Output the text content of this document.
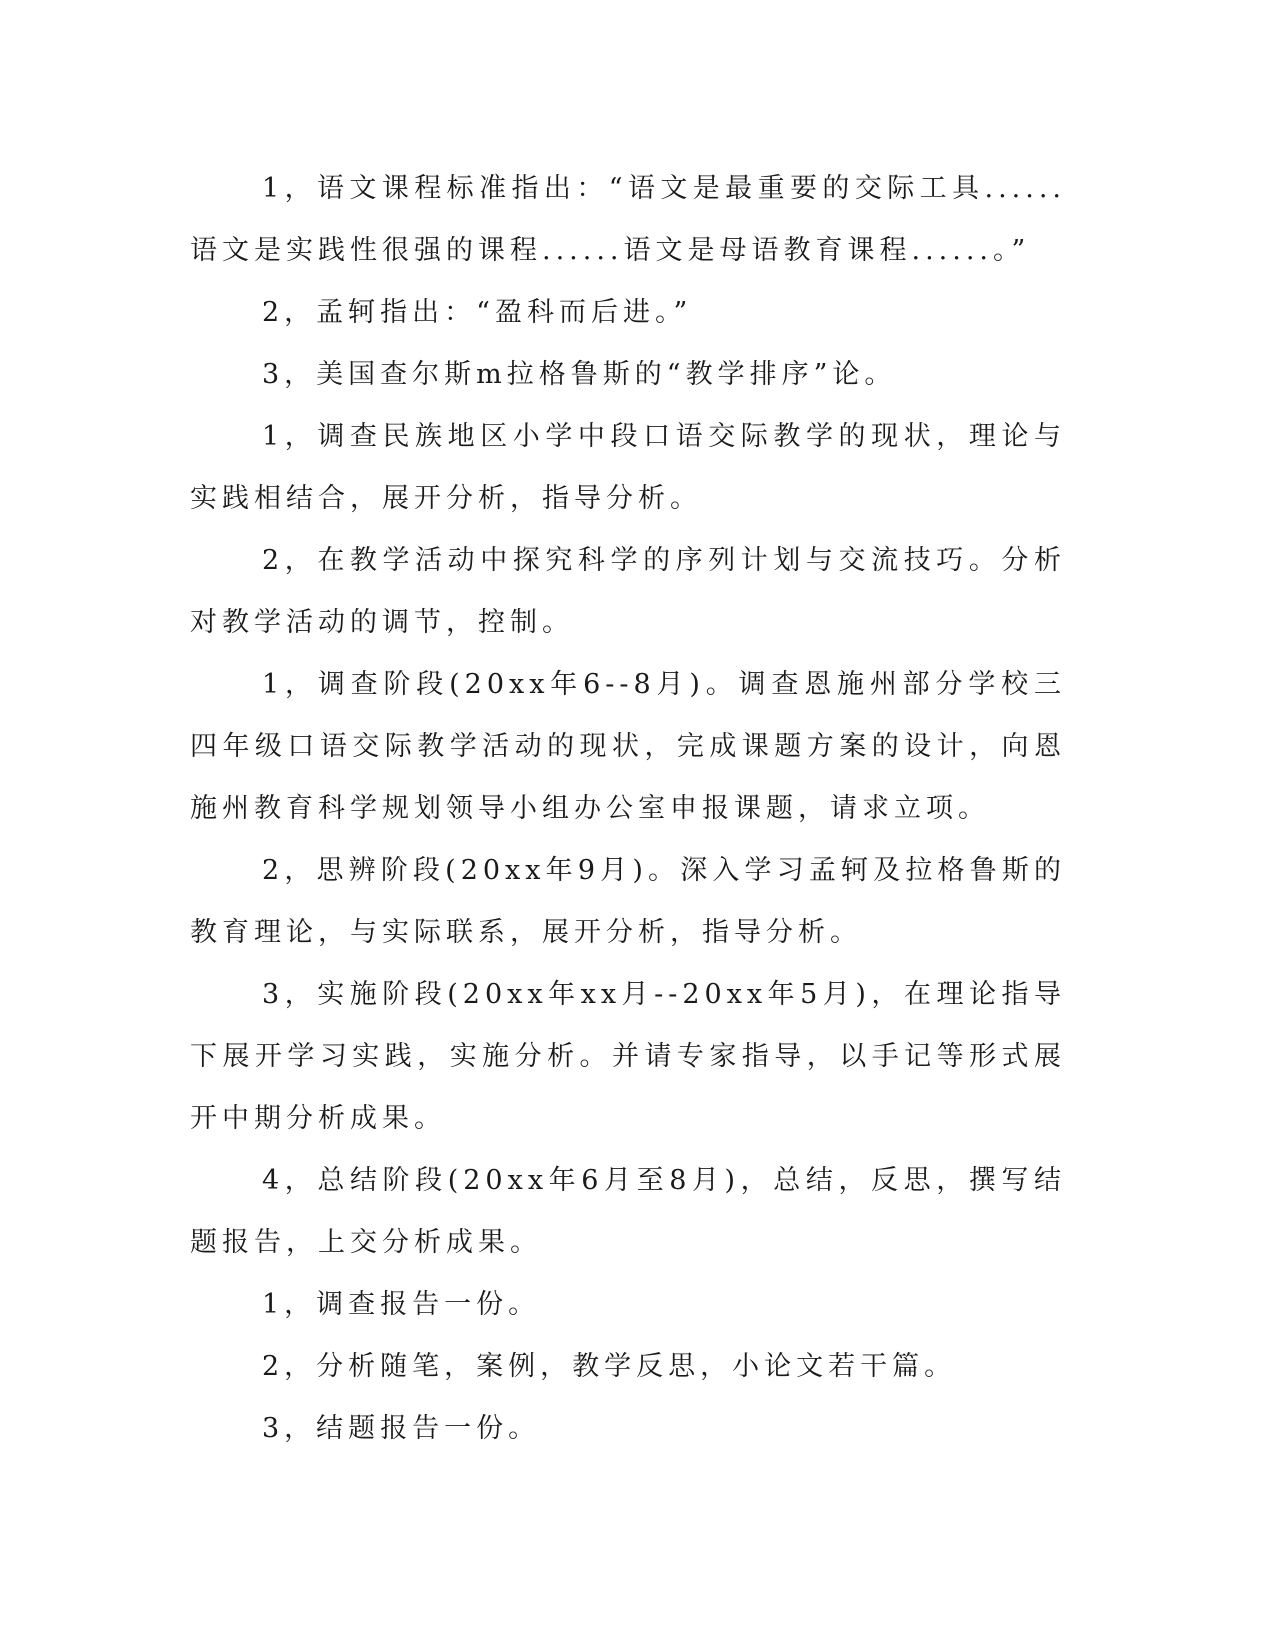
1，语文课程标准指出：“语文是最重要的交际工具......语文是实践性很强的课程......语文是母语教育课程......。”

2，孟轲指出：“盈科而后进。”

3，美国查尔斯m拉格鲁斯的“教学排序”论。

1，调查民族地区小学中段口语交际教学的现状，理论与实践相结合，展开分析，指导分析。

2，在教学活动中探究科学的序列计划与交流技巧。分析对教学活动的调节，控制。

1，调查阶段(20xx年6--8月)。调查恩施州部分学校三四年级口语交际教学活动的现状，完成课题方案的设计，向恩施州教育科学规划领导小组办公室申报课题，请求立项。

2，思辨阶段(20xx年9月)。深入学习孟轲及拉格鲁斯的教育理论，与实际联系，展开分析，指导分析。

3，实施阶段(20xx年xx月--20xx年5月)，在理论指导下展开学习实践，实施分析。并请专家指导，以手记等形式展开中期分析成果。

4，总结阶段(20xx年6月至8月)，总结，反思，撰写结题报告，上交分析成果。

1，调查报告一份。

2，分析随笔，案例，教学反思，小论文若干篇。

3，结题报告一份。
